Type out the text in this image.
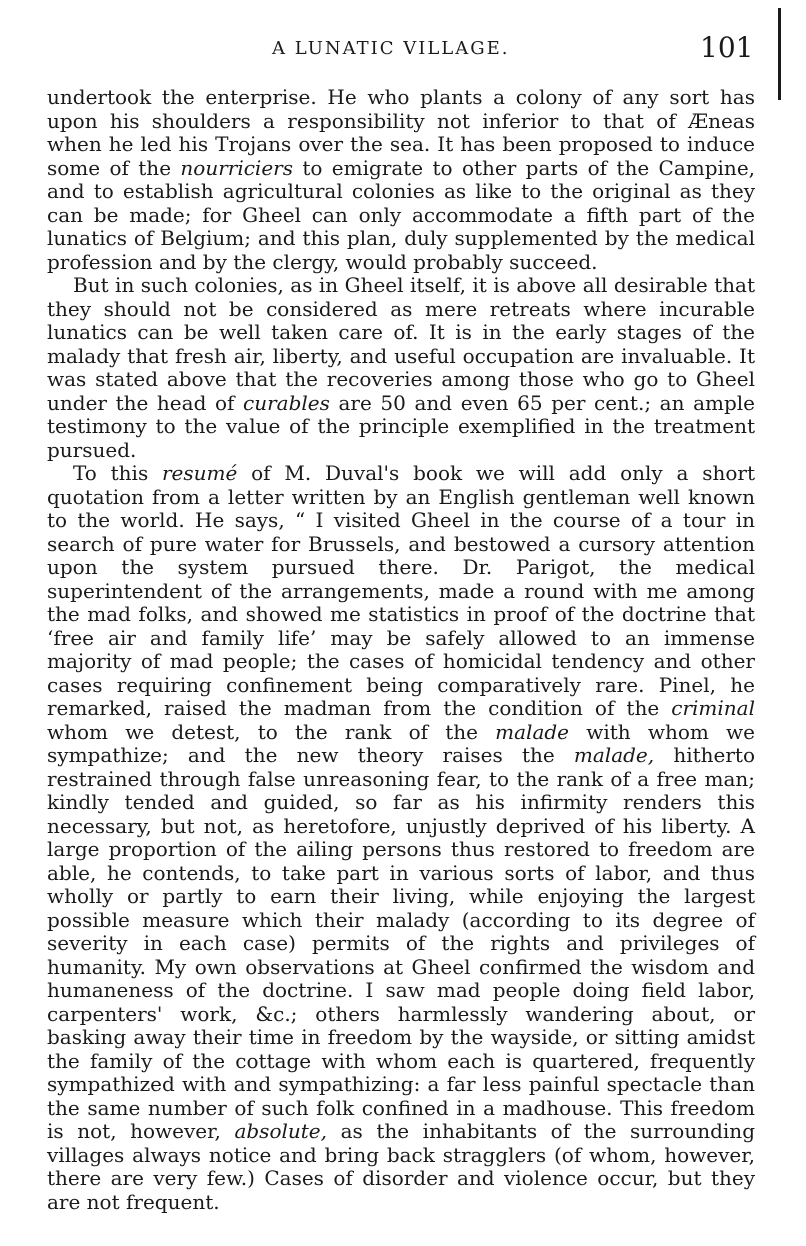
A LUNATIC VILLAGE.	101

undertook the enterprise. He who plants a colony of any sort has upon his shoulders a responsibility not inferior to that of Æneas when he led his Trojans over the sea. It has been proposed to induce some of the nourriciers to emigrate to other parts of the Campine, and to establish agricultural colonies as like to the original as they can be made; for Gheel can only accommodate a fifth part of the lunatics of Belgium; and this plan, duly supplemented by the medical profession and by the clergy, would probably succeed.

But in such colonies, as in Gheel itself, it is above all desirable that they should not be considered as mere retreats where incurable lunatics can be well taken care of. It is in the early stages of the malady that fresh air, liberty, and useful occupation are invaluable. It was stated above that the recoveries among those who go to Gheel under the head of curables are 50 and even 65 per cent.; an ample testimony to the value of the principle exemplified in the treatment pursued.

To this resumé of M. Duval's book we will add only a short quotation from a letter written by an English gentleman well known to the world. He says, “ I visited Gheel in the course of a tour in search of pure water for Brussels, and bestowed a cursory attention upon the system pursued there. Dr. Parigot, the medical superintendent of the arrangements, made a round with me among the mad folks, and showed me statistics in proof of the doctrine that ‘free air and family life’ may be safely allowed to an immense majority of mad people; the cases of homicidal tendency and other cases requiring confinement being comparatively rare. Pinel, he remarked, raised the madman from the condition of the criminal whom we detest, to the rank of the malade with whom we sympathize; and the new theory raises the malade, hitherto restrained through false unreasoning fear, to the rank of a free man; kindly tended and guided, so far as his infirmity renders this necessary, but not, as heretofore, unjustly deprived of his liberty. A large proportion of the ailing persons thus restored to freedom are able, he contends, to take part in various sorts of labor, and thus wholly or partly to earn their living, while enjoying the largest possible measure which their malady (according to its degree of severity in each case) permits of the rights and privileges of humanity. My own observations at Gheel confirmed the wisdom and humaneness of the doctrine. I saw mad people doing field labor, carpenters' work, &c.; others harmlessly wandering about, or basking away their time in freedom by the wayside, or sitting amidst the family of the cottage with whom each is quartered, frequently sympathized with and sympathizing: a far less painful spectacle than the same number of such folk confined in a madhouse. This freedom is not, however, absolute, as the inhabitants of the surrounding villages always notice and bring back stragglers (of whom, however, there are very few.) Cases of disorder and violence occur, but they are not frequent.
